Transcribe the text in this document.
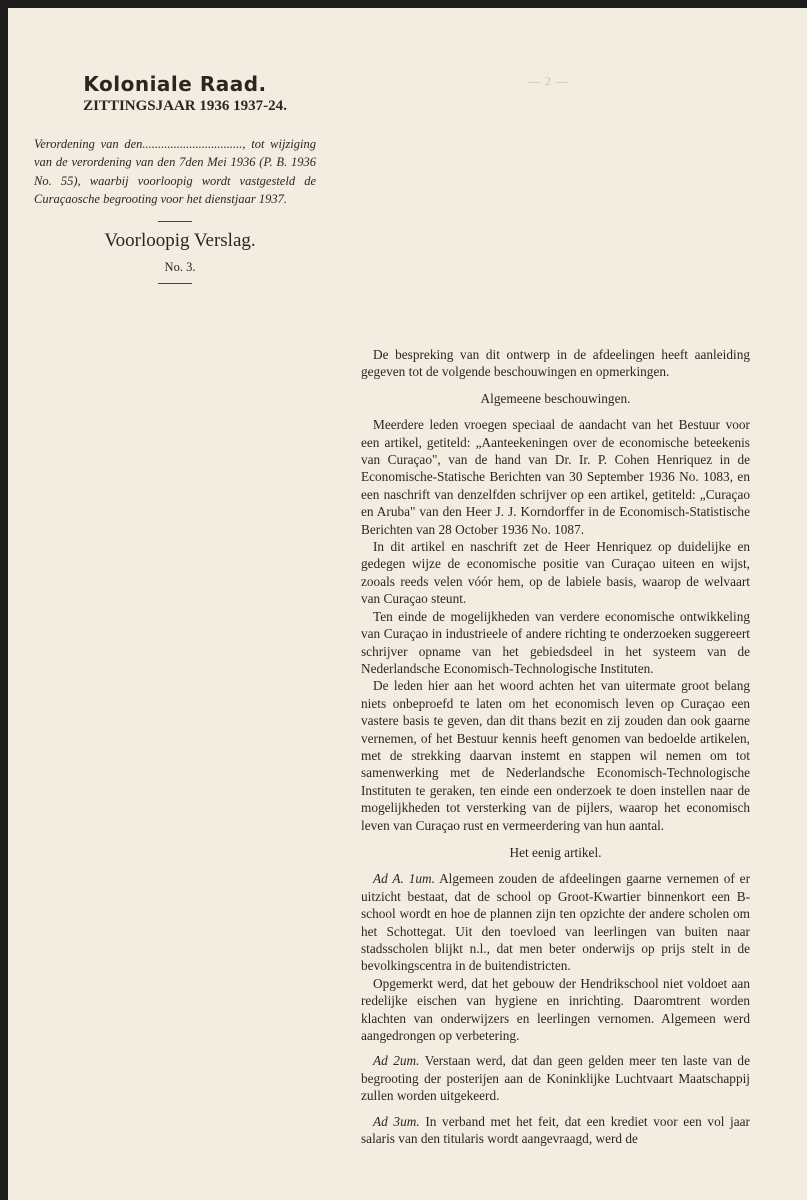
Koloniale Raad.

ZITTINGSJAAR 1936 1937-24.

Verordening van den................................, tot wijziging van de verordening van den 7den Mei 1936 (P. B. 1936 No. 55), waarbij voorloopig wordt vastgesteld de Curaçaosche begrooting voor het dienstjaar 1937.

Voorloopig Verslag.

No. 3.

— 2 —

De bespreking van dit ontwerp in de afdeelingen heeft aanleiding gegeven tot de volgende beschouwingen en opmerkingen.

Algemeene beschouwingen.

Meerdere leden vroegen speciaal de aandacht van het Bestuur voor een artikel, getiteld: „Aanteekeningen over de economische beteekenis van Curaçao", van de hand van Dr. Ir. P. Cohen Henriquez in de Economische-Statische Berichten van 30 September 1936 No. 1083, en een naschrift van denzelfden schrijver op een artikel, getiteld: „Curaçao en Aruba" van den Heer J. J. Korndorffer in de Economisch-Statistische Berichten van 28 October 1936 No. 1087.

In dit artikel en naschrift zet de Heer Henriquez op duidelijke en gedegen wijze de economische positie van Curaçao uiteen en wijst, zooals reeds velen vóór hem, op de labiele basis, waarop de welvaart van Curaçao steunt.

Ten einde de mogelijkheden van verdere economische ontwikkeling van Curaçao in industrieele of andere richting te onderzoeken suggereert schrijver opname van het gebiedsdeel in het systeem van de Nederlandsche Economisch-Technologische Instituten.

De leden hier aan het woord achten het van uitermate groot belang niets onbeproefd te laten om het economisch leven op Curaçao een vastere basis te geven, dan dit thans bezit en zij zouden dan ook gaarne vernemen, of het Bestuur kennis heeft genomen van bedoelde artikelen, met de strekking daarvan instemt en stappen wil nemen om tot samenwerking met de Nederlandsche Economisch-Technologische Instituten te geraken, ten einde een onderzoek te doen instellen naar de mogelijkheden tot versterking van de pijlers, waarop het economisch leven van Curaçao rust en vermeerdering van hun aantal.

Het eenig artikel.

Ad A. 1um. Algemeen zouden de afdeelingen gaarne vernemen of er uitzicht bestaat, dat de school op Groot-Kwartier binnenkort een B-school wordt en hoe de plannen zijn ten opzichte der andere scholen om het Schottegat. Uit den toevloed van leerlingen van buiten naar stadsscholen blijkt n.l., dat men beter onderwijs op prijs stelt in de bevolkingscentra in de buitendistricten.

Opgemerkt werd, dat het gebouw der Hendrikschool niet voldoet aan redelijke eischen van hygiene en inrichting. Daaromtrent worden klachten van onderwijzers en leerlingen vernomen. Algemeen werd aangedrongen op verbetering.

Ad 2um. Verstaan werd, dat dan geen gelden meer ten laste van de begrooting der posterijen aan de Koninklijke Luchtvaart Maatschappij zullen worden uitgekeerd.

Ad 3um. In verband met het feit, dat een krediet voor een vol jaar salaris van den titularis wordt aangevraagd, werd de
